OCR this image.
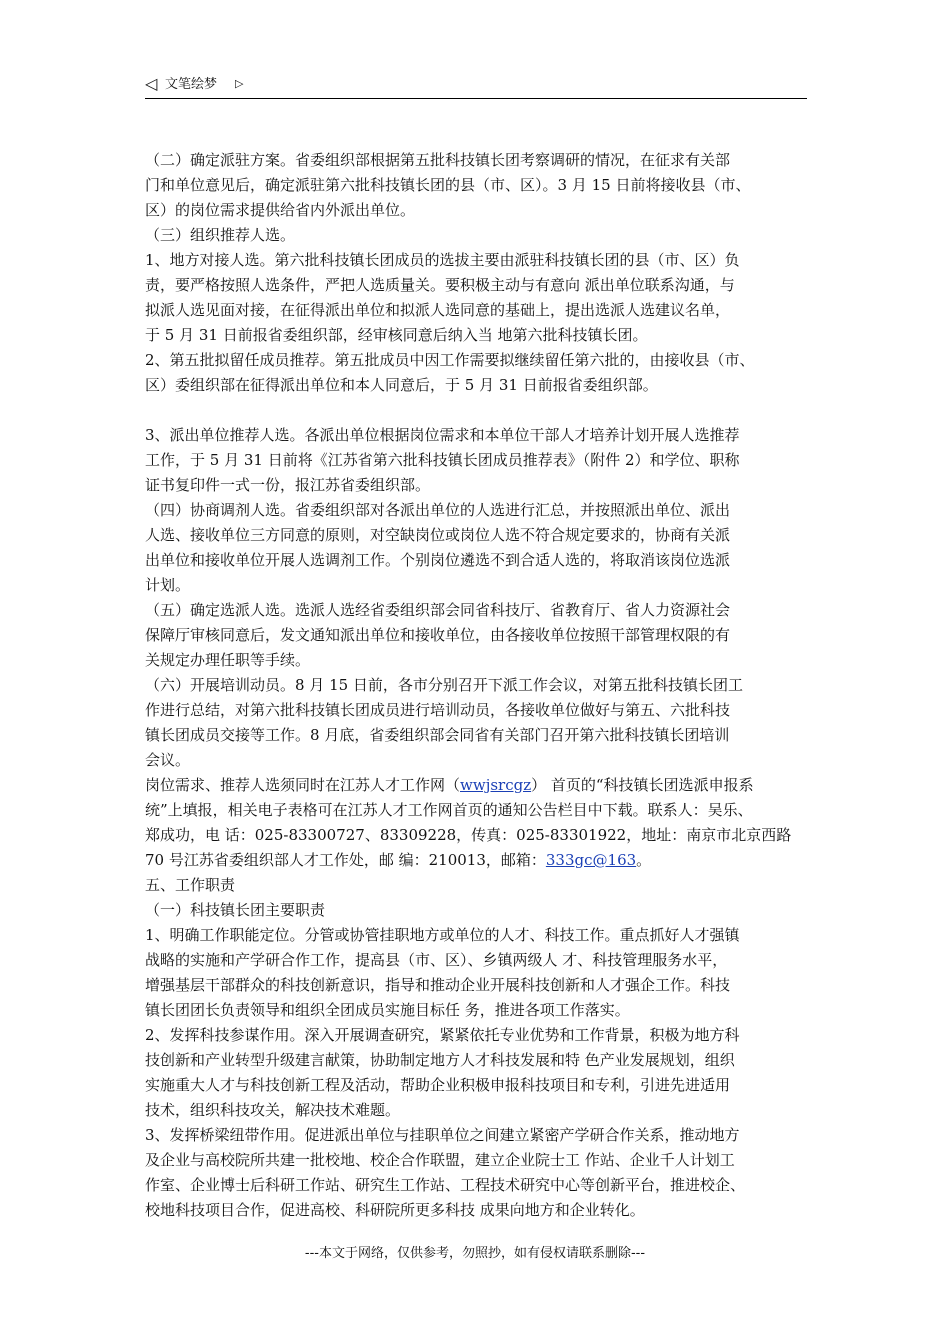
◁ 文笔绘梦 ▷

（二）确定派驻方案。省委组织部根据第五批科技镇长团考察调研的情况，在征求有关部

门和单位意见后，确定派驻第六批科技镇长团的县（市、区）。3 月 15 日前将接收县（市、

区）的岗位需求提供给省内外派出单位。

（三）组织推荐人选。

1、地方对接人选。第六批科技镇长团成员的选拔主要由派驻科技镇长团的县（市、区）负

责，要严格按照人选条件，严把人选质量关。要积极主动与有意向 派出单位联系沟通，与

拟派人选见面对接，在征得派出单位和拟派人选同意的基础上，提出选派人选建议名单，

于 5 月 31 日前报省委组织部，经审核同意后纳入当 地第六批科技镇长团。

2、第五批拟留任成员推荐。第五批成员中因工作需要拟继续留任第六批的，由接收县（市、

区）委组织部在征得派出单位和本人同意后，于 5 月 31 日前报省委组织部。

3、派出单位推荐人选。各派出单位根据岗位需求和本单位干部人才培养计划开展人选推荐

工作，于 5 月 31 日前将《江苏省第六批科技镇长团成员推荐表》（附件 2）和学位、职称

证书复印件一式一份，报江苏省委组织部。

（四）协商调剂人选。省委组织部对各派出单位的人选进行汇总，并按照派出单位、派出

人选、接收单位三方同意的原则，对空缺岗位或岗位人选不符合规定要求的，协商有关派

出单位和接收单位开展人选调剂工作。个别岗位遴选不到合适人选的，将取消该岗位选派

计划。

（五）确定选派人选。选派人选经省委组织部会同省科技厅、省教育厅、省人力资源社会

保障厅审核同意后，发文通知派出单位和接收单位，由各接收单位按照干部管理权限的有

关规定办理任职等手续。

（六）开展培训动员。8 月 15 日前，各市分别召开下派工作会议，对第五批科技镇长团工

作进行总结，对第六批科技镇长团成员进行培训动员，各接收单位做好与第五、六批科技

镇长团成员交接等工作。8 月底，省委组织部会同省有关部门召开第六批科技镇长团培训

会议。

岗位需求、推荐人选须同时在江苏人才工作网（wwjsrcgz） 首页的“科技镇长团选派申报系

统”上填报，相关电子表格可在江苏人才工作网首页的通知公告栏目中下载。联系人：吴乐、

郑成功，电 话：025-83300727、83309228，传真：025-83301922，地址：南京市北京西路

70 号江苏省委组织部人才工作处，邮 编：210013，邮箱：333gc@163。

五、工作职责

（一）科技镇长团主要职责

1、明确工作职能定位。分管或协管挂职地方或单位的人才、科技工作。重点抓好人才强镇

战略的实施和产学研合作工作，提高县（市、区）、乡镇两级人 才、科技管理服务水平，

增强基层干部群众的科技创新意识，指导和推动企业开展科技创新和人才强企工作。科技

镇长团团长负责领导和组织全团成员实施目标任 务，推进各项工作落实。

2、发挥科技参谋作用。深入开展调查研究，紧紧依托专业优势和工作背景，积极为地方科

技创新和产业转型升级建言献策，协助制定地方人才科技发展和特 色产业发展规划，组织

实施重大人才与科技创新工程及活动，帮助企业积极申报科技项目和专利，引进先进适用

技术，组织科技攻关，解决技术难题。

3、发挥桥梁纽带作用。促进派出单位与挂职单位之间建立紧密产学研合作关系，推动地方

及企业与高校院所共建一批校地、校企合作联盟，建立企业院士工 作站、企业千人计划工

作室、企业博士后科研工作站、研究生工作站、工程技术研究中心等创新平台，推进校企、

校地科技项目合作，促进高校、科研院所更多科技 成果向地方和企业转化。

---本文于网络，仅供参考，勿照抄，如有侵权请联系删除---
